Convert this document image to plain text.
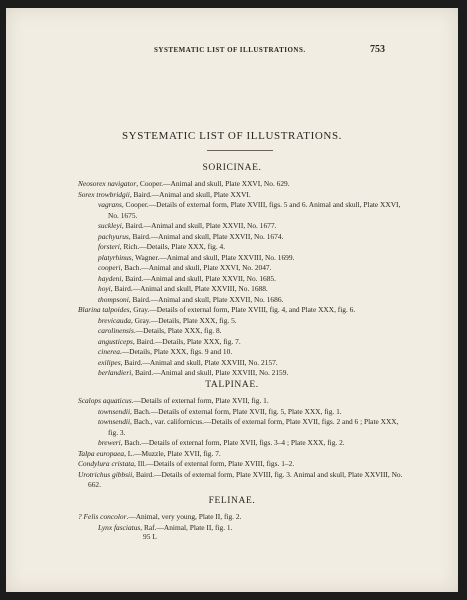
SYSTEMATIC LIST OF ILLUSTRATIONS.	753
SYSTEMATIC LIST OF ILLUSTRATIONS.
SORICINAE.

Neosorex navigator, Cooper.—Animal and skull, Plate XXVI, No. 629.

Sorex trowbridgii, Baird.—Animal and skull, Plate XXVI.

vagrans, Cooper.—Details of external form, Plate XVIII, figs. 5 and 6. Animal and skull, Plate XXVI, No. 1675.

suckleyi, Baird.—Animal and skull, Plate XXVII, No. 1677.

pachyurus, Baird.—Animal and skull, Plate XXVII, No. 1674.

forsteri, Rich.—Details, Plate XXX, fig. 4.

platyrhinus, Wagner.—Animal and skull, Plate XXVIII, No. 1699.

cooperi, Bach.—Animal and skull, Plate XXVI, No. 2047.

haydeni, Baird.—Animal and skull, Plate XXVII, No. 1685.

hoyi, Baird.—Animal and skull, Plate XXVIII, No. 1688.

thompsoni, Baird.—Animal and skull, Plate XXVII, No. 1686.

Blarina talpoides, Gray.—Details of external form, Plate XVIII, fig. 4, and Plate XXX, fig. 6.

brevicauda, Gray.—Details, Plate XXX, fig. 5.

carolinensis.—Details, Plate XXX, fig. 8.

angusticeps, Baird.—Details, Plate XXX, fig. 7.

cinerea.—Details, Plate XXX, figs. 9 and 10.

exilipes, Baird.—Animal and skull, Plate XXVIII, No. 2157.

berlandieri, Baird.—Animal and skull, Plate XXVIII, No. 2159.

TALPINAE.

Scalops aquaticus.—Details of external form, Plate XVII, fig. 1.

townsendii, Bach.—Details of external form, Plate XVII, fig. 5, Plate XXX, fig. 1.

townsendii, Bach., var. californicus.—Details of external form, Plate XVII, figs. 2 and 6 ; Plate XXX, fig. 3.

breweri, Bach.—Details of external form, Plate XVII, figs. 3–4 ; Plate XXX, fig. 2.

Talpa europaea, L.—Muzzle, Plate XVII, fig. 7.

Condylura cristata, Ill.—Details of external form, Plate XVIII, figs. 1–2.

Urotrichus gibbsii, Baird.—Details of external form, Plate XVIII, fig. 3. Animal and skull, Plate XXVIII, No. 662.

FELINAE.

? Felis concolor.—Animal, very young, Plate II, fig. 2.

Lynx fasciatus, Raf.—Animal, Plate II, fig. 1.

95 L
